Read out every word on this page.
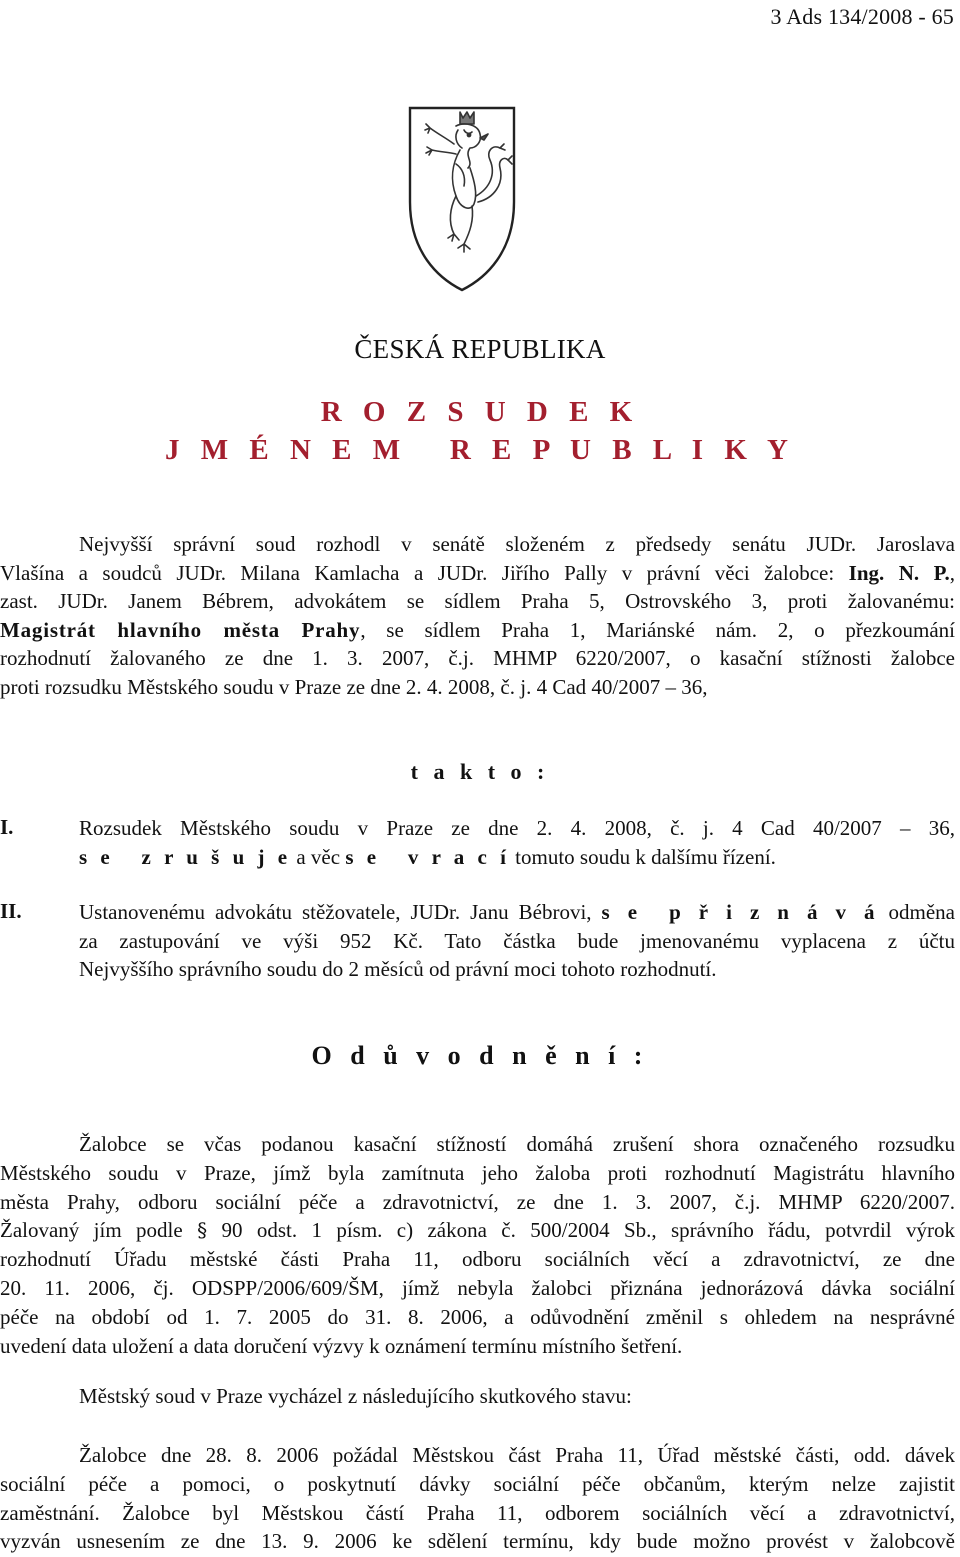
3 Ads 134/2008 - 65
ČESKÁ REPUBLIKA
R O Z S U D E K
J M É N E M   R E P U B L I K Y
Nejvyšší správní soud rozhodl v senátě složeném z předsedy senátu JUDr. Jaroslava
Vlašína a soudců JUDr. Milana Kamlacha a JUDr. Jiřího Pally v právní věci žalobce: Ing. N. P.,
zast. JUDr. Janem Bébrem, advokátem se sídlem Praha 5, Ostrovského 3, proti žalovanému:
Magistrát hlavního města Prahy, se sídlem Praha 1, Mariánské nám. 2, o přezkoumání
rozhodnutí žalovaného ze dne 1. 3. 2007, č.j. MHMP 6220/2007, o kasační stížnosti žalobce
proti rozsudku Městského soudu v Praze ze dne 2. 4. 2008, č. j. 4 Cad 40/2007 – 36,
t a k t o :
I.	Rozsudek Městského soudu v Praze ze dne 2. 4. 2008, č. j. 4 Cad 40/2007 – 36,
s e   z r u š u j e a věc s e   v r a c í tomuto soudu k dalšímu řízení.
II.	Ustanovenému advokátu stěžovatele, JUDr. Janu Bébrovi, s e  p ř i z n á v á odměna
za zastupování ve výši 952 Kč. Tato částka bude jmenovanému vyplacena z účtu
Nejvyššího správního soudu do 2 měsíců od právní moci tohoto rozhodnutí.
O d ů v o d n ě n í :
Žalobce se včas podanou kasační stížností domáhá zrušení shora označeného rozsudku
Městského soudu v Praze, jímž byla zamítnuta jeho žaloba proti rozhodnutí Magistrátu hlavního
města Prahy, odboru sociální péče a zdravotnictví, ze dne 1. 3. 2007, č.j. MHMP 6220/2007.
Žalovaný jím podle § 90 odst. 1 písm. c) zákona č. 500/2004 Sb., správního řádu, potvrdil výrok
rozhodnutí Úřadu městské části Praha 11, odboru sociálních věcí a zdravotnictví, ze dne
20. 11. 2006, čj. ODSPP/2006/609/ŠM, jímž nebyla žalobci přiznána jednorázová dávka sociální
péče na období od 1. 7. 2005 do 31. 8. 2006, a odůvodnění změnil s ohledem na nesprávné
uvedení data uložení a data doručení výzvy k oznámení termínu místního šetření.
Městský soud v Praze vycházel z následujícího skutkového stavu:
Žalobce dne 28. 8. 2006 požádal Městskou část Praha 11, Úřad městské části, odd. dávek
sociální péče a pomoci, o poskytnutí dávky sociální péče občanům, kterým nelze zajistit
zaměstnání. Žalobce byl Městskou částí Praha 11, odborem sociálních věcí a zdravotnictví,
vyzván usnesením ze dne 13. 9. 2006 ke sdělení termínu, kdy bude možno provést v žalobcově
